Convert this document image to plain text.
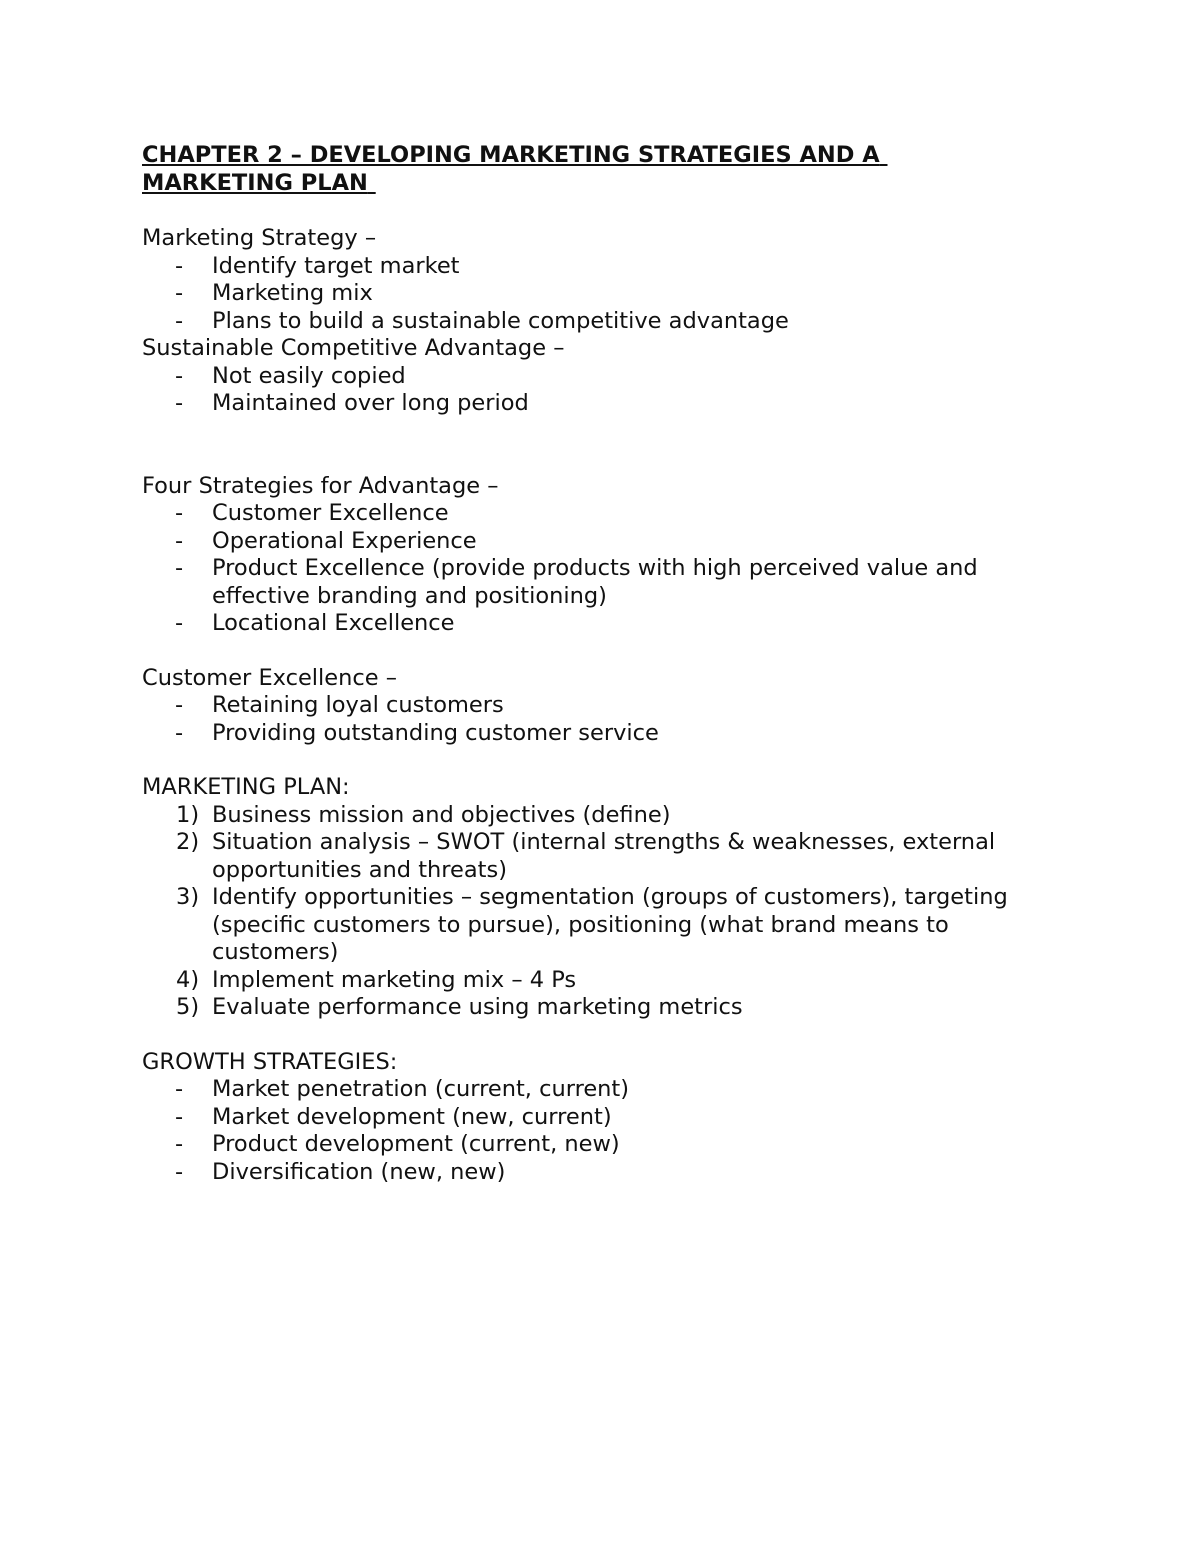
CHAPTER 2 – DEVELOPING MARKETING STRATEGIES AND A
MARKETING PLAN

Marketing Strategy –

- Identify target market
- Marketing mix
- Plans to build a sustainable competitive advantage

Sustainable Competitive Advantage –

- Not easily copied
- Maintained over long period

Four Strategies for Advantage –

- Customer Excellence
- Operational Experience
- Product Excellence (provide products with high perceived value and effective branding and positioning)
- Locational Excellence

Customer Excellence –

- Retaining loyal customers
- Providing outstanding customer service

MARKETING PLAN:

1) Business mission and objectives (define)
2) Situation analysis – SWOT (internal strengths & weaknesses, external opportunities and threats)
3) Identify opportunities – segmentation (groups of customers), targeting (specific customers to pursue), positioning (what brand means to customers)
4) Implement marketing mix – 4 Ps
5) Evaluate performance using marketing metrics

GROWTH STRATEGIES:

- Market penetration (current, current)
- Market development (new, current)
- Product development (current, new)
- Diversification (new, new)
